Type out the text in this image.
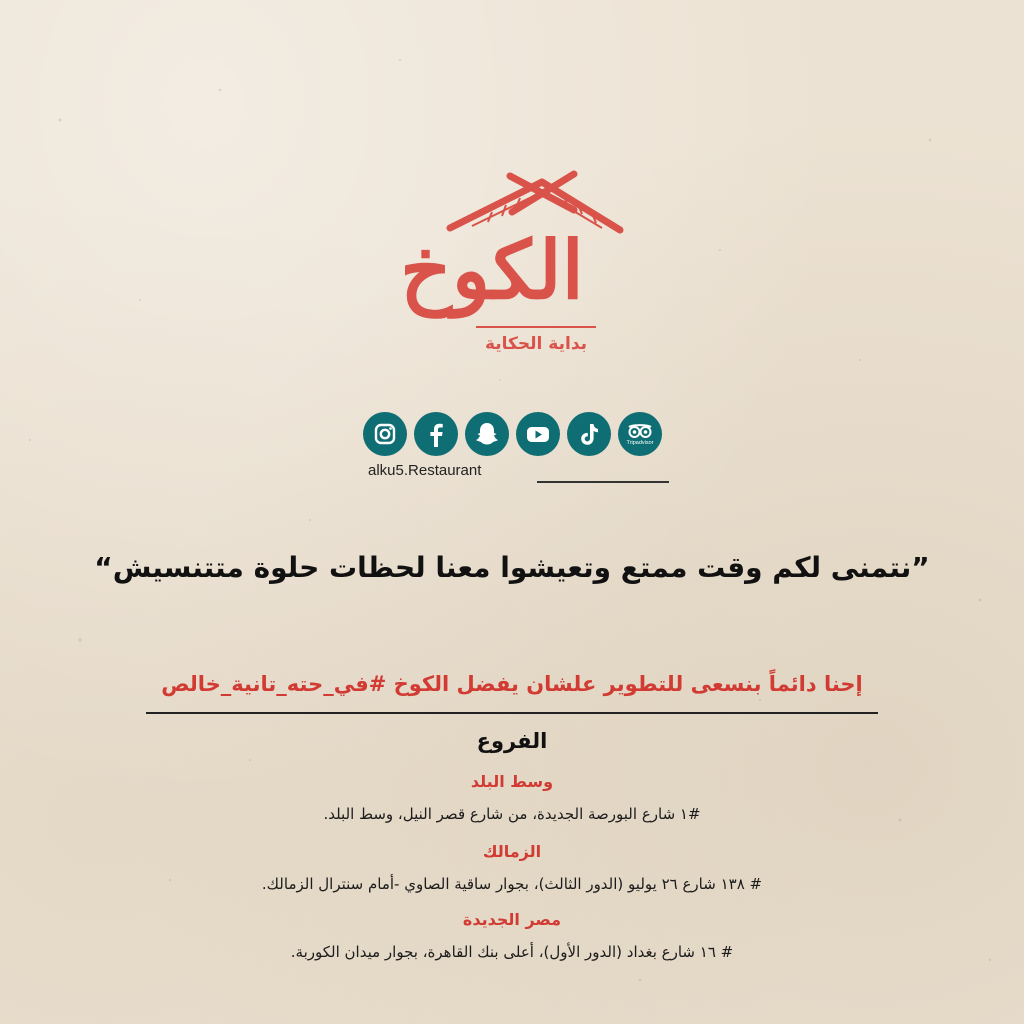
الكوخ
بداية الحكاية

Tripadvisor
alku5.Restaurant
”نتمنى لكم وقت ممتع وتعيشوا معنا لحظات حلوة متتنسيش“
إحنا دائماً بنسعى للتطوير علشان يفضل الكوخ #في_حته_تانية_خالص
الفروع
وسط البلد
#١ شارع البورصة الجديدة، من شارع قصر النيل، وسط البلد.
الزمالك
# ١٣٨ شارع ٢٦ يوليو (الدور الثالث)، بجوار ساقية الصاوي -أمام سنترال الزمالك.
مصر الجديدة
# ١٦ شارع بغداد (الدور الأول)، أعلى بنك القاهرة، بجوار ميدان الكوربة.
